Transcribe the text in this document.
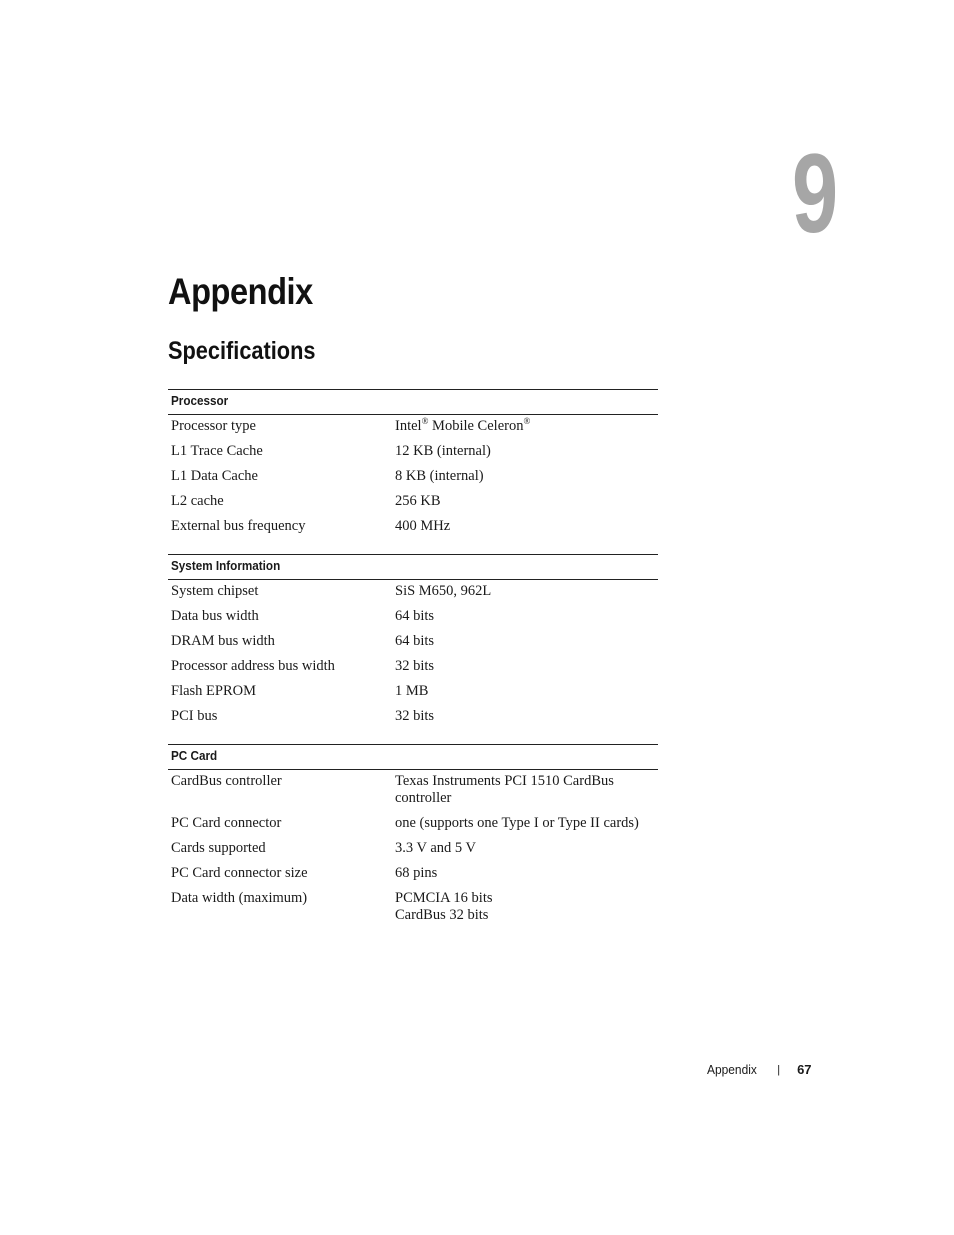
9
Appendix
Specifications
Processor
Processor type	Intel® Mobile Celeron®
L1 Trace Cache	12 KB (internal)
L1 Data Cache	8 KB (internal)
L2 cache	256 KB
External bus frequency	400 MHz
System Information
System chipset	SiS M650, 962L
Data bus width	64 bits
DRAM bus width	64 bits
Processor address bus width	32 bits
Flash EPROM	1 MB
PCI bus	32 bits
PC Card
CardBus controller	Texas Instruments PCI 1510 CardBus
controller
PC Card connector	one (supports one Type I or Type II cards)
Cards supported	3.3 V and 5 V
PC Card connector size	68 pins
Data width (maximum)	PCMCIA 16 bits
CardBus 32 bits
Appendix | 67
